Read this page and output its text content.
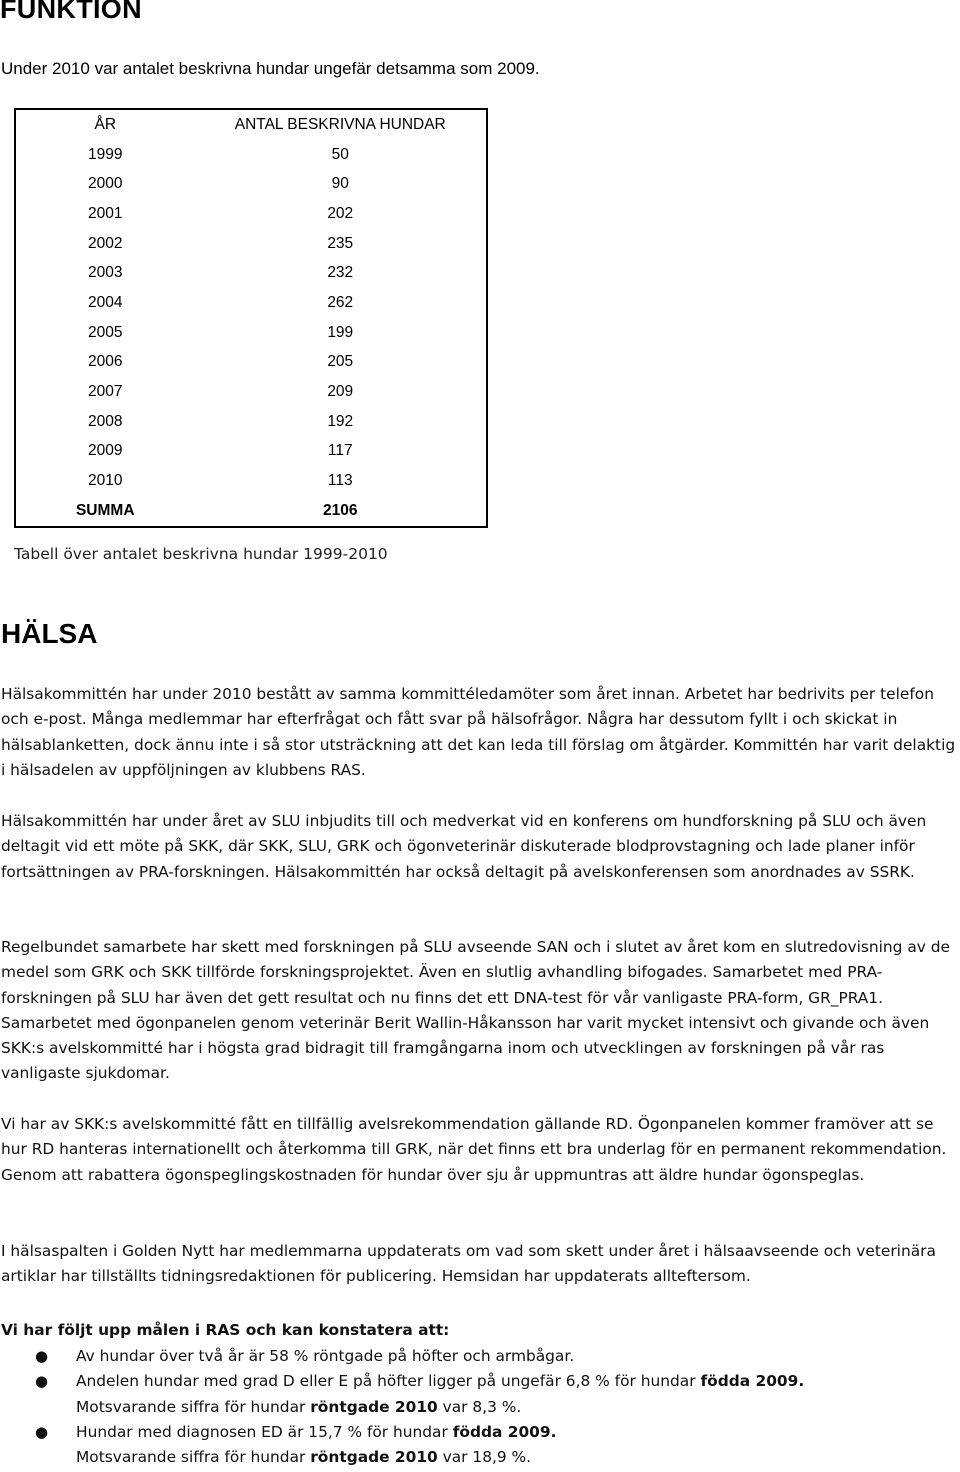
FUNKTION

Under 2010 var antalet beskrivna hundar ungefär detsamma som 2009.

ÅR	ANTAL BESKRIVNA HUNDAR
1999	50
2000	90
2001	202
2002	235
2003	232
2004	262
2005	199
2006	205
2007	209
2008	192
2009	117
2010	113
SUMMA	2106

Tabell över antalet beskrivna hundar 1999-2010

HÄLSA

Hälsakommittén har under 2010 bestått av samma kommittéledamöter som året innan. Arbetet har bedrivits per telefon och e-post. Många medlemmar har efterfrågat och fått svar på hälsofrågor. Några har dessutom fyllt i och skickat in hälsablanketten, dock ännu inte i så stor utsträckning att det kan leda till förslag om åtgärder. Kommittén har varit delaktig i hälsadelen av uppföljningen av klubbens RAS.

Hälsakommittén har under året av SLU inbjudits till och medverkat vid en konferens om hundforskning på SLU och även deltagit vid ett möte på SKK, där SKK, SLU, GRK och ögonveterinär diskuterade blodprovstagning och lade planer inför fortsättningen av PRA-forskningen. Hälsakommittén har också deltagit på avelskonferensen som anordnades av SSRK.

Regelbundet samarbete har skett med forskningen på SLU avseende SAN och i slutet av året kom en slutredovisning av de medel som GRK och SKK tillförde forskningsprojektet. Även en slutlig avhandling bifogades. Samarbetet med PRA-forskningen på SLU har även det gett resultat och nu finns det ett DNA-test för vår vanligaste PRA-form, GR_PRA1. Samarbetet med ögonpanelen genom veterinär Berit Wallin-Håkansson har varit mycket intensivt och givande och även SKK:s avelskommitté har i högsta grad bidragit till framgångarna inom och utvecklingen av forskningen på vår ras vanligaste sjukdomar.

Vi har av SKK:s avelskommitté fått en tillfällig avelsrekommendation gällande RD. Ögonpanelen kommer framöver att se hur RD hanteras internationellt och återkomma till GRK, när det finns ett bra underlag för en permanent rekommendation.
Genom att rabattera ögonspeglingskostnaden för hundar över sju år uppmuntras att äldre hundar ögonspeglas.

I hälsaspalten i Golden Nytt har medlemmarna uppdaterats om vad som skett under året i hälsaavseende och veterinära artiklar har tillställts tidningsredaktionen för publicering. Hemsidan har uppdaterats allteftersom.

Vi har följt upp målen i RAS och kan konstatera att:

● Av hundar över två år är 58 % röntgade på höfter och armbågar.
● Andelen hundar med grad D eller E på höfter ligger på ungefär 6,8 % för hundar födda 2009.
Motsvarande siffra för hundar röntgade 2010 var 8,3 %.
● Hundar med diagnosen ED är 15,7 % för hundar födda 2009.
Motsvarande siffra för hundar röntgade 2010 var 18,9 %.
